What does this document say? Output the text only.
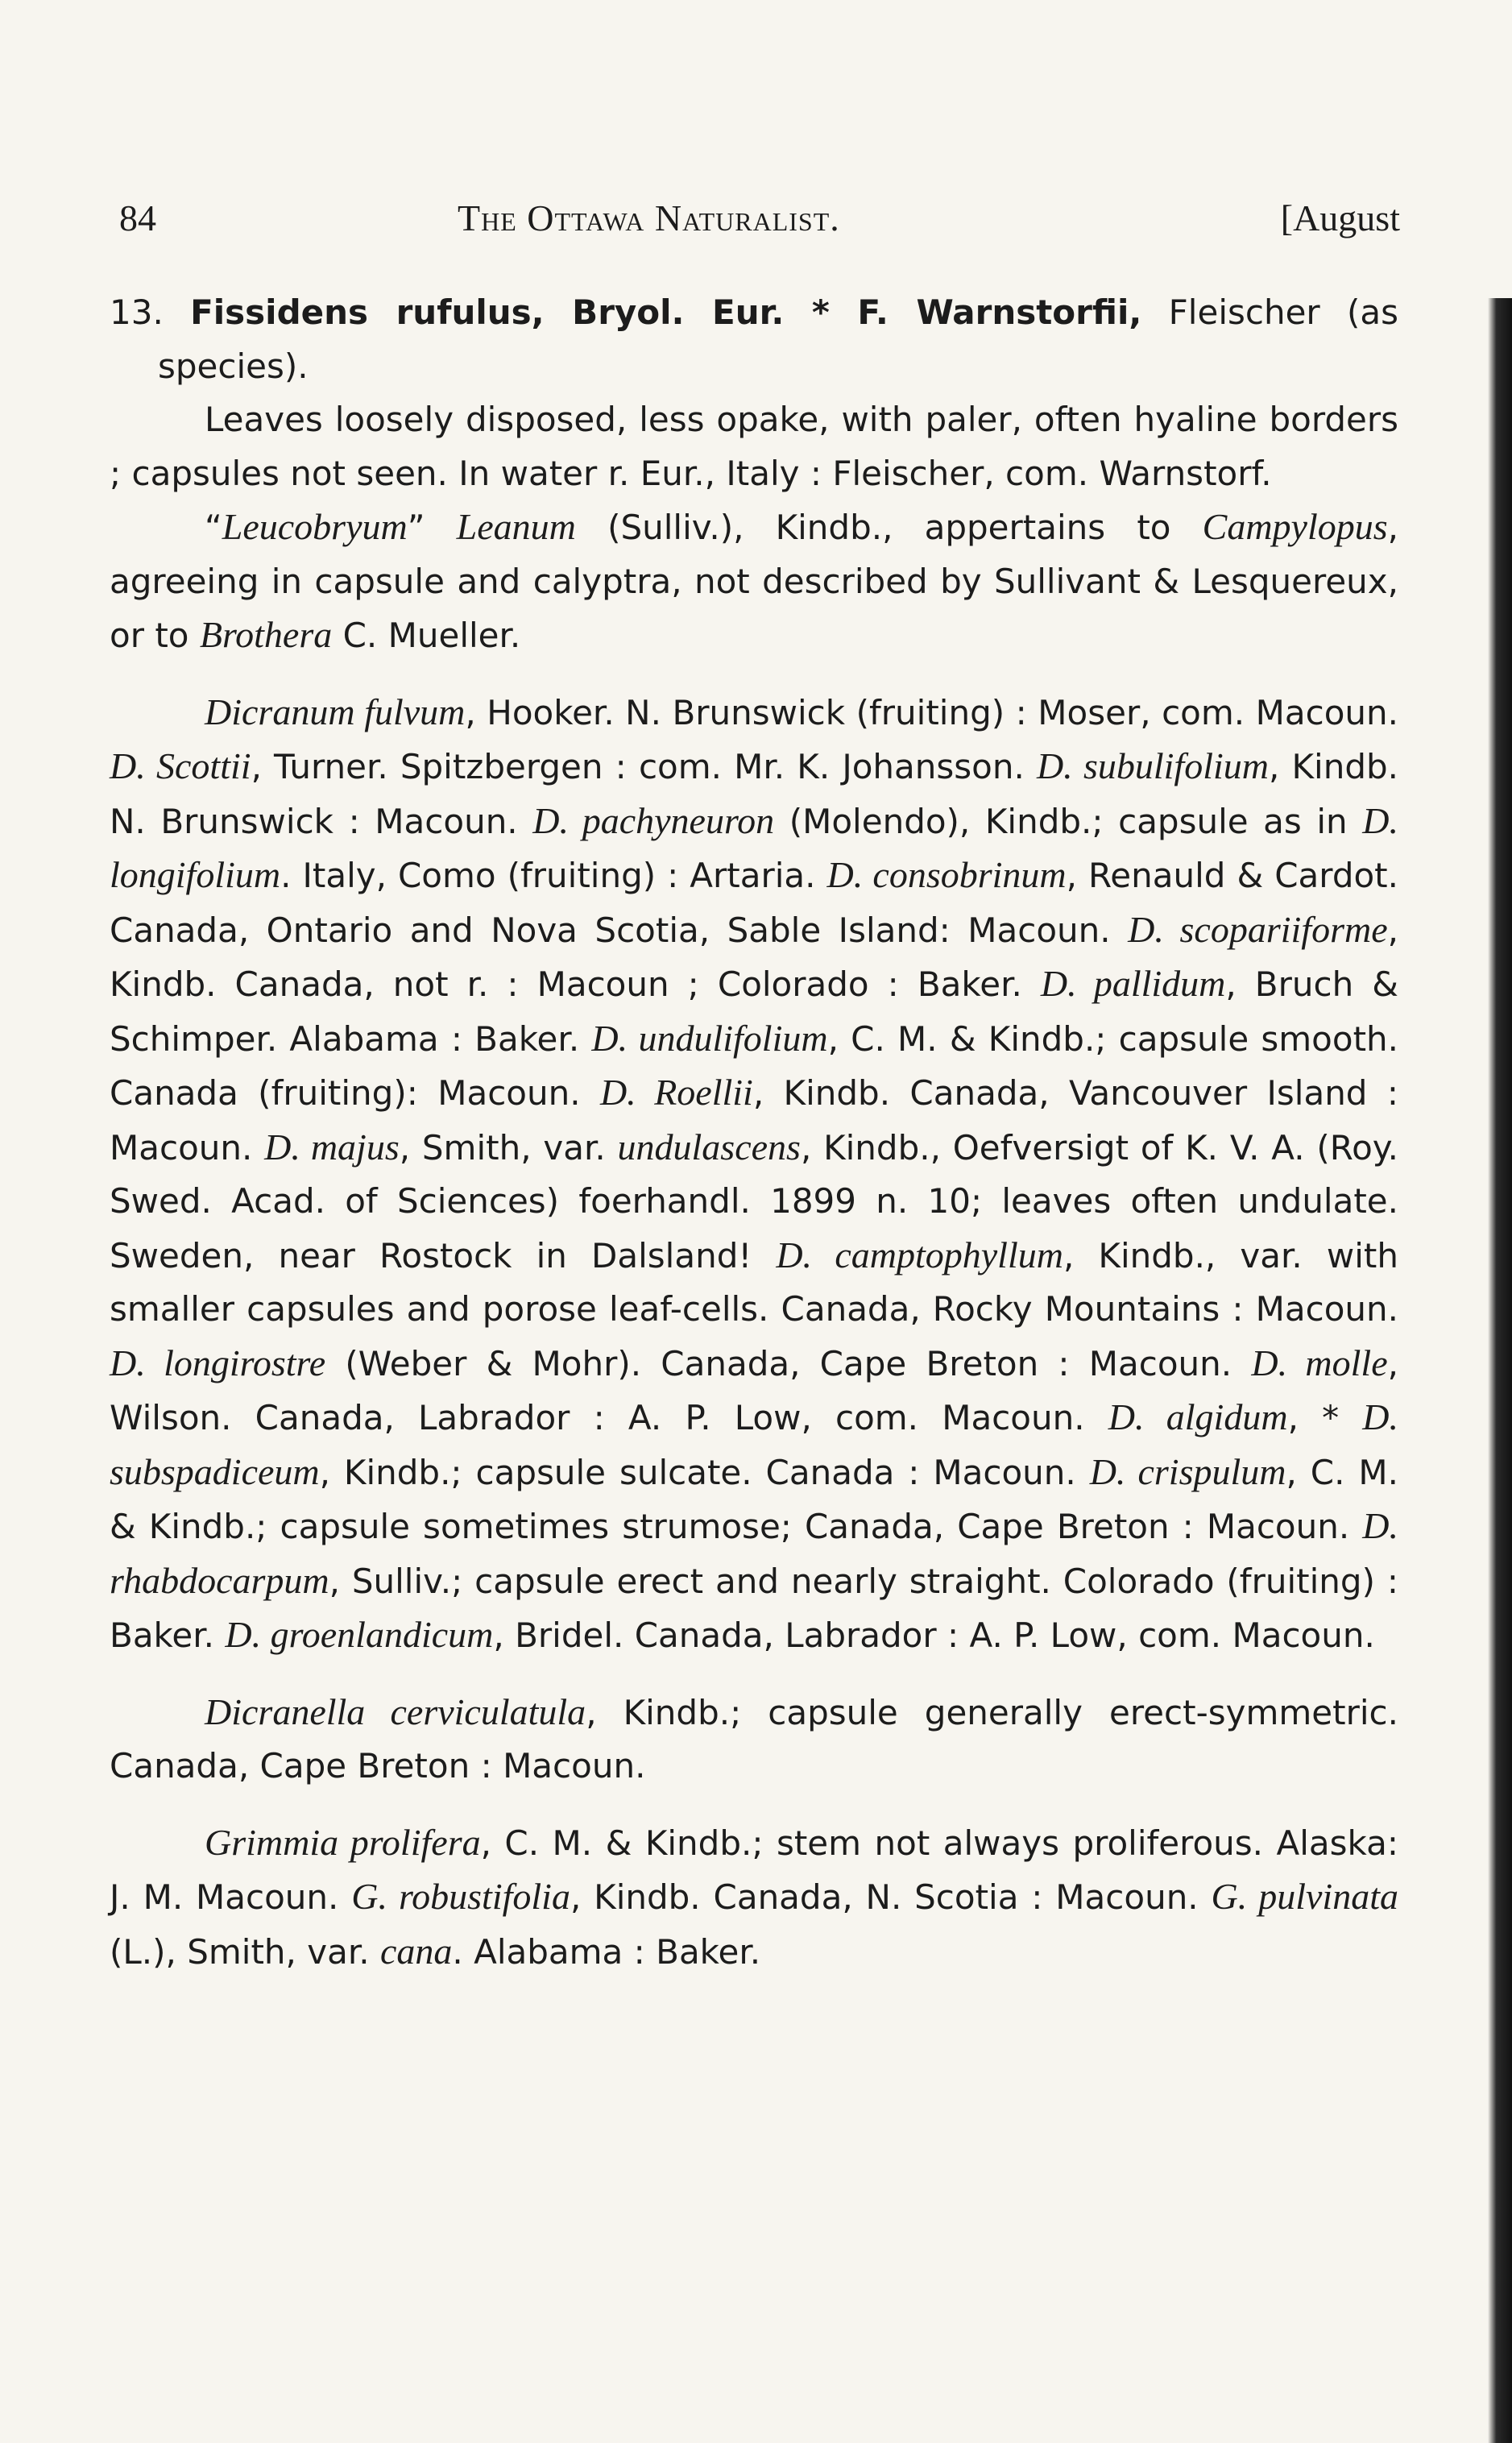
84	The Ottawa Naturalist.	[August

13. Fissidens rufulus, Bryol. Eur. * F. Warnstorfii, Fleischer (as species).

Leaves loosely disposed, less opake, with paler, often hyaline borders ; capsules not seen. In water r. Eur., Italy : Fleischer, com. Warnstorf.

“Leucobryum” Leanum (Sulliv.), Kindb., appertains to Campylopus, agreeing in capsule and calyptra, not described by Sullivant & Lesquereux, or to Brothera C. Mueller.

Dicranum fulvum, Hooker. N. Brunswick (fruiting) : Moser, com. Macoun. D. Scottii, Turner. Spitzbergen : com. Mr. K. Johansson. D. subulifolium, Kindb. N. Brunswick : Macoun. D. pachyneuron (Molendo), Kindb.; capsule as in D. longifolium. Italy, Como (fruiting) : Artaria. D. consobrinum, Renauld & Cardot. Canada, Ontario and Nova Scotia, Sable Island: Macoun. D. scopariiforme, Kindb. Canada, not r. : Macoun ; Colorado : Baker. D. pallidum, Bruch & Schimper. Alabama : Baker. D. undulifolium, C. M. & Kindb.; capsule smooth. Canada (fruiting): Macoun. D. Roellii, Kindb. Canada, Vancouver Island : Macoun. D. majus, Smith, var. undulascens, Kindb., Oefversigt of K. V. A. (Roy. Swed. Acad. of Sciences) foerhandl. 1899 n. 10; leaves often undulate. Sweden, near Rostock in Dalsland! D. camptophyllum, Kindb., var. with smaller capsules and porose leaf-cells. Canada, Rocky Mountains : Macoun. D. longirostre (Weber & Mohr). Canada, Cape Breton : Macoun. D. molle, Wilson. Canada, Labrador : A. P. Low, com. Macoun. D. algidum, * D. subspadiceum, Kindb.; capsule sulcate. Canada : Macoun. D. crispulum, C. M. & Kindb.; capsule sometimes strumose; Canada, Cape Breton : Macoun. D. rhabdocarpum, Sulliv.; capsule erect and nearly straight. Colorado (fruiting) : Baker. D. groenlandicum, Bridel. Canada, Labrador : A. P. Low, com. Macoun.

Dicranella cerviculatula, Kindb.; capsule generally erect-symmetric. Canada, Cape Breton : Macoun.

Grimmia prolifera, C. M. & Kindb.; stem not always proliferous. Alaska: J. M. Macoun. G. robustifolia, Kindb. Canada, N. Scotia : Macoun. G. pulvinata (L.), Smith, var. cana. Alabama : Baker.
